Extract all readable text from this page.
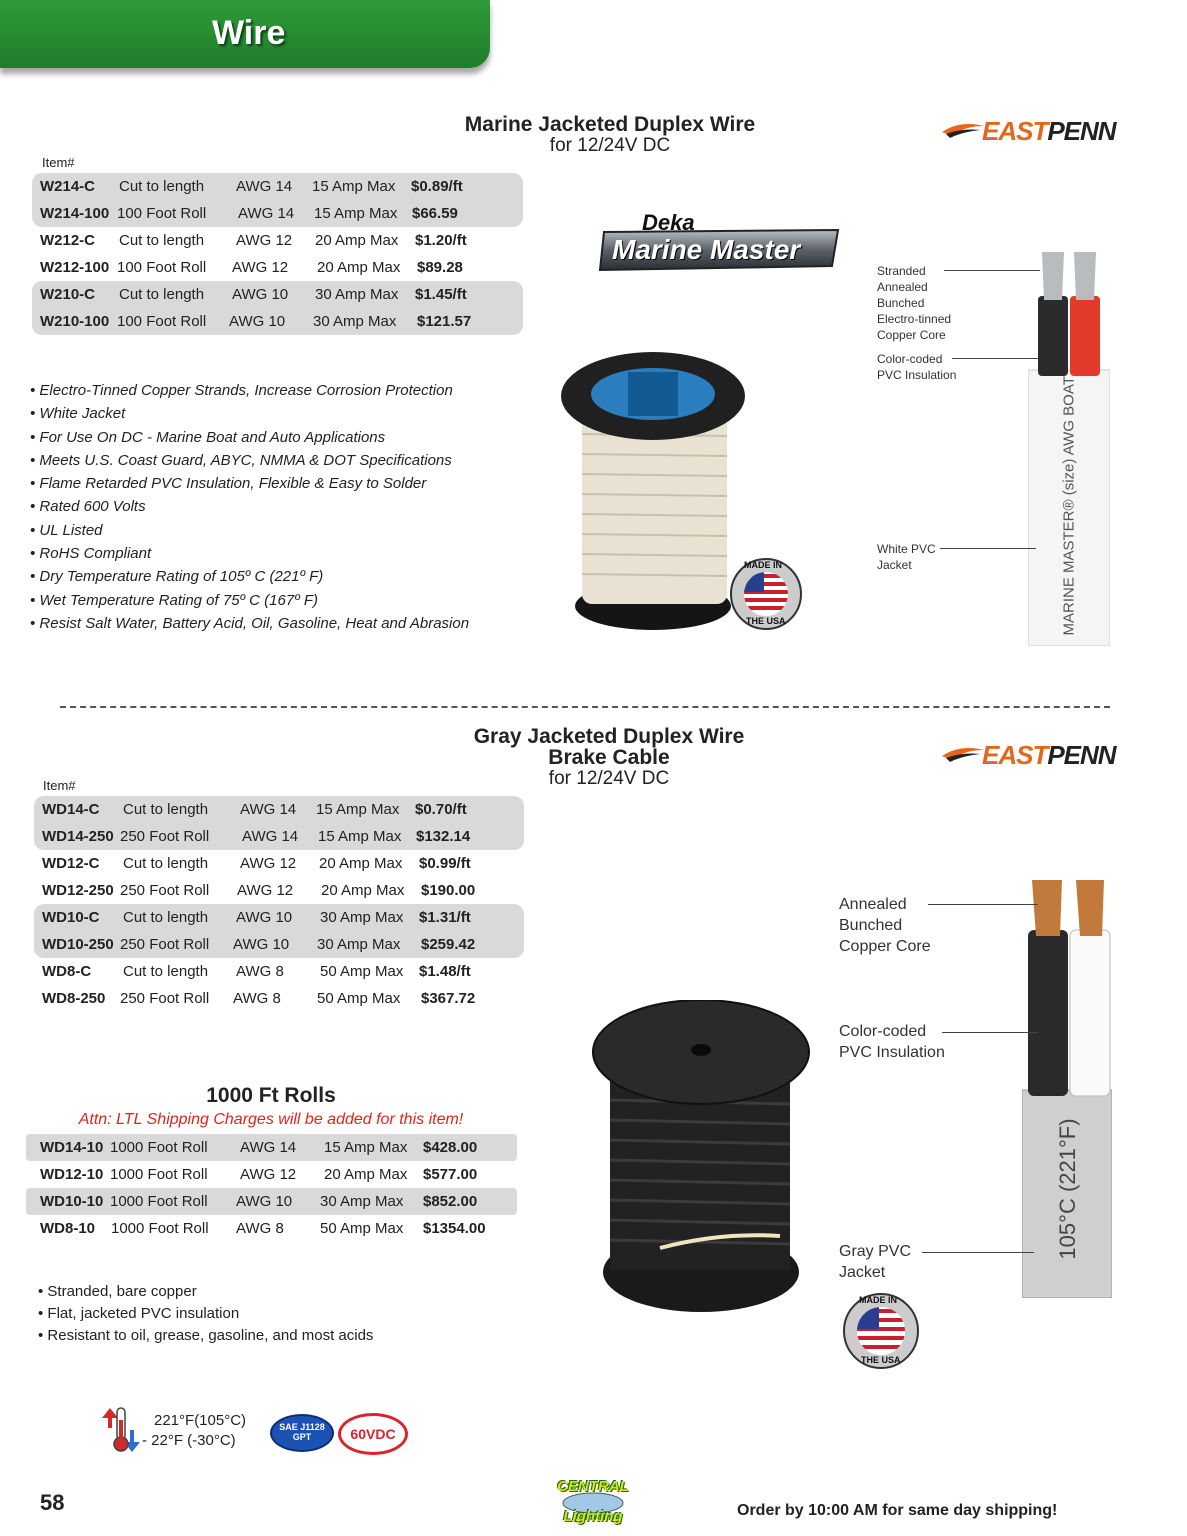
Wire
Marine Jacketed Duplex Wire
for 12/24V DC	EASTPENN
Item#
W214-C Cut to length AWG 14 15 Amp Max $0.89/ft
W214-100 100 Foot Roll AWG 14 15 Amp Max $66.59
W212-C Cut to length AWG 12 20 Amp Max $1.20/ft
W212-100 100 Foot Roll AWG 12 20 Amp Max $89.28
W210-C Cut to length AWG 10 30 Amp Max $1.45/ft
W210-100 100 Foot Roll AWG 10 30 Amp Max $121.57
• Electro-Tinned Copper Strands, Increase Corrosion Protection
• White Jacket
• For Use On DC - Marine Boat and Auto Applications
• Meets U.S. Coast Guard, ABYC, NMMA & DOT Specifications
• Flame Retarded PVC Insulation, Flexible & Easy to Solder
• Rated 600 Volts
• UL Listed
• RoHS Compliant
• Dry Temperature Rating of 105º C (221º F)
• Wet Temperature Rating of 75º C (167º F)
• Resist Salt Water, Battery Acid, Oil, Gasoline, Heat and Abrasion
Deka
Marine Master
MADE IN
THE USA	MARINE MASTER® (size) AWG BOAT
Stranded
Annealed
Bunched
Electro-tinned
Copper Core
Color-coded
PVC Insulation
White PVC
Jacket
Gray Jacketed Duplex Wire
Brake Cable
for 12/24V DC
EASTPENN
Item#
WD14-C Cut to length AWG 14 15 Amp Max $0.70/ft
WD14-250 250 Foot Roll AWG 14 15 Amp Max $132.14
WD12-C Cut to length AWG 12 20 Amp Max $0.99/ft
WD12-250 250 Foot Roll AWG 12 20 Amp Max $190.00
WD10-C Cut to length AWG 10 30 Amp Max $1.31/ft
WD10-250 250 Foot Roll AWG 10 30 Amp Max $259.42
WD8-C Cut to length AWG 8 50 Amp Max $1.48/ft
WD8-250 250 Foot Roll AWG 8 50 Amp Max $367.72
1000 Ft Rolls
Attn: LTL Shipping Charges will be added for this item!
WD14-10 1000 Foot Roll AWG 14 15 Amp Max $428.00
WD12-10 1000 Foot Roll AWG 12 20 Amp Max $577.00
WD10-10 1000 Foot Roll AWG 10 30 Amp Max $852.00
WD8-10 1000 Foot Roll AWG 8 50 Amp Max $1354.00
• Stranded, bare copper
• Flat, jacketed PVC insulation
• Resistant to oil, grease, gasoline, and most acids
221°F(105°C)
- 22°F (-30°C)
SAE J1128
GPT	60VDC
MADE IN
THE USA
105°C (221°F)
Annealed
Bunched
Copper Core
Color-coded
PVC Insulation
Gray PVC
Jacket
58
CENTRAL
Lighting	Order by 10:00 AM for same day shipping!
